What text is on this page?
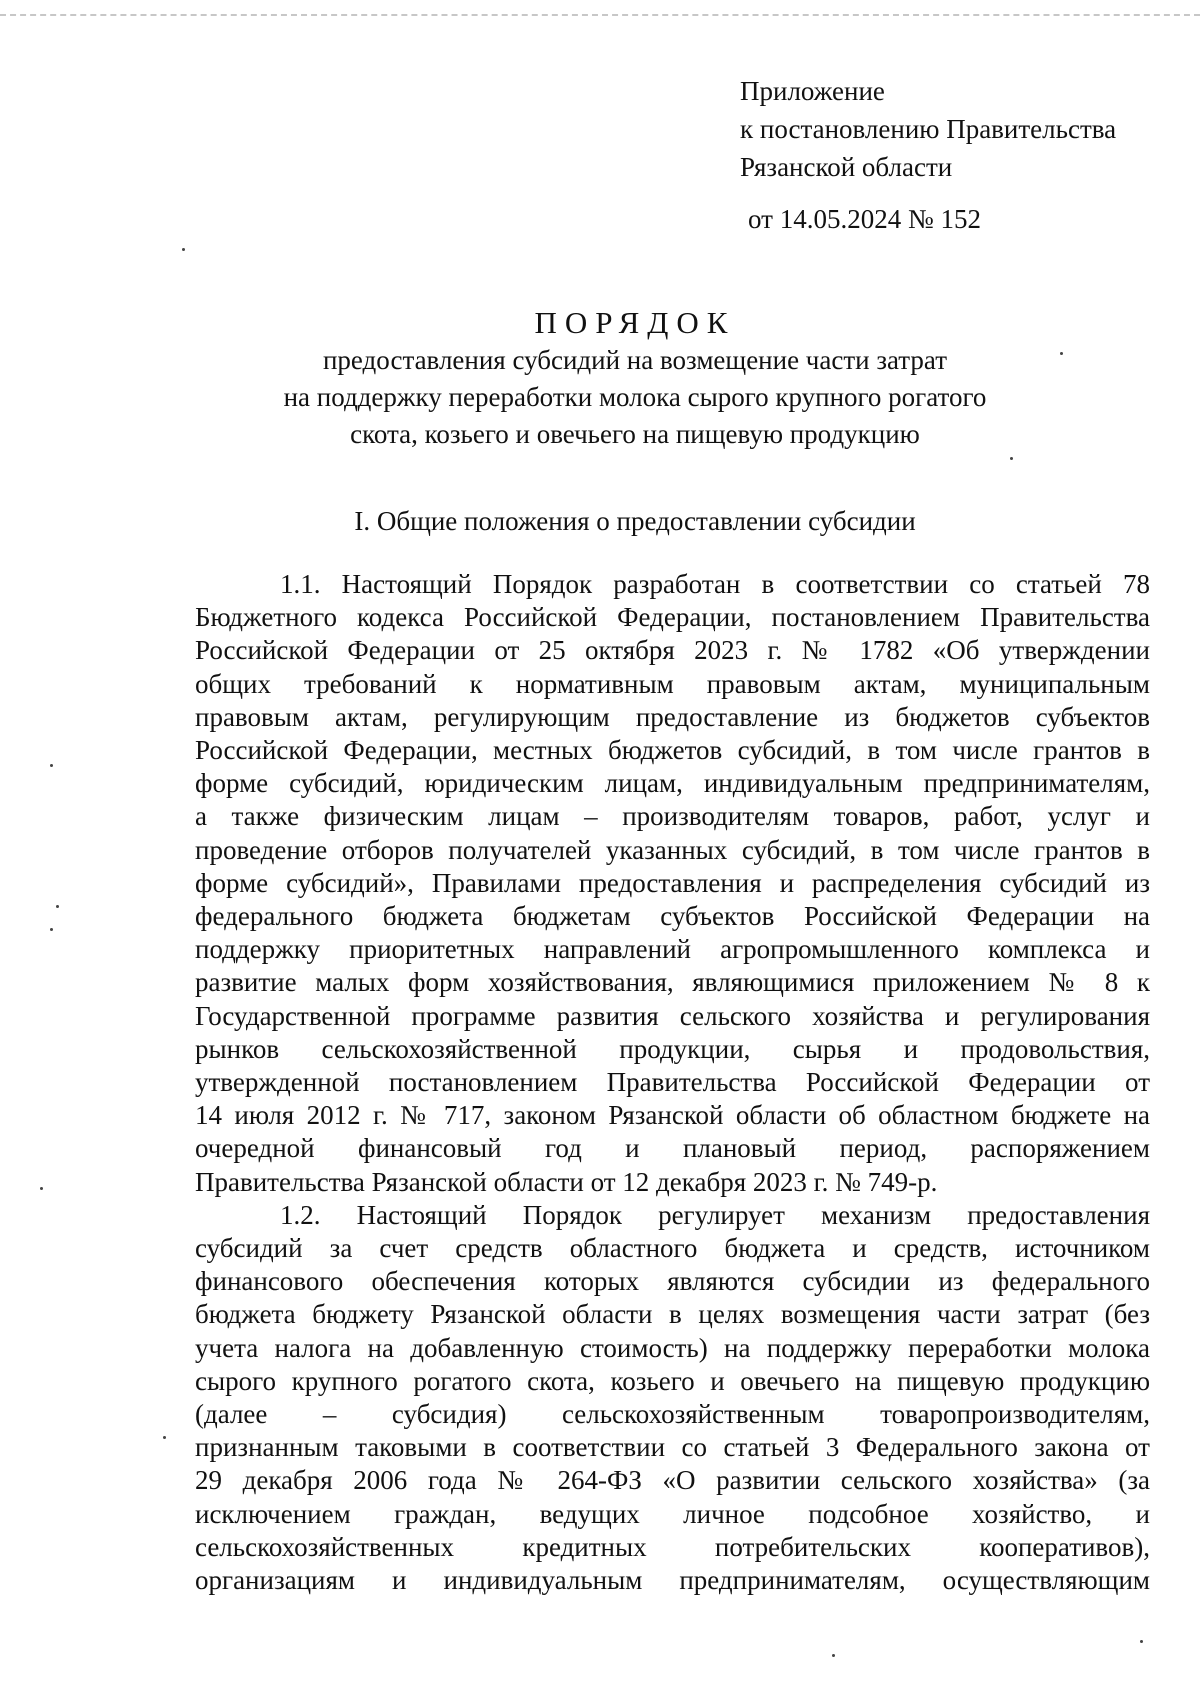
Приложение
к постановлению Правительства
Рязанской области
от 14.05.2024 № 152
ПОРЯДОК
предоставления субсидий на возмещение части затрат
на поддержку переработки молока сырого крупного рогатого
скота, козьего и овечьего на пищевую продукцию
I. Общие положения о предоставлении субсидии
1.1. Настоящий Порядок разработан в соответствии со статьей 78
Бюджетного кодекса Российской Федерации, постановлением Правительства
Российской Федерации от 25 октября 2023 г. № 1782 «Об утверждении
общих требований к нормативным правовым актам, муниципальным
правовым актам, регулирующим предоставление из бюджетов субъектов
Российской Федерации, местных бюджетов субсидий, в том числе грантов в
форме субсидий, юридическим лицам, индивидуальным предпринимателям,
а также физическим лицам – производителям товаров, работ, услуг и
проведение отборов получателей указанных субсидий, в том числе грантов в
форме субсидий», Правилами предоставления и распределения субсидий из
федерального бюджета бюджетам субъектов Российской Федерации на
поддержку приоритетных направлений агропромышленного комплекса и
развитие малых форм хозяйствования, являющимися приложением № 8 к
Государственной программе развития сельского хозяйства и регулирования
рынков сельскохозяйственной продукции, сырья и продовольствия,
утвержденной постановлением Правительства Российской Федерации от
14 июля 2012 г. № 717, законом Рязанской области об областном бюджете на
очередной финансовый год и плановый период, распоряжением
Правительства Рязанской области от 12 декабря 2023 г. № 749-р.
1.2. Настоящий Порядок регулирует механизм предоставления
субсидий за счет средств областного бюджета и средств, источником
финансового обеспечения которых являются субсидии из федерального
бюджета бюджету Рязанской области в целях возмещения части затрат (без
учета налога на добавленную стоимость) на поддержку переработки молока
сырого крупного рогатого скота, козьего и овечьего на пищевую продукцию
(далее – субсидия) сельскохозяйственным товаропроизводителям,
признанным таковыми в соответствии со статьей 3 Федерального закона от
29 декабря 2006 года № 264-ФЗ «О развитии сельского хозяйства» (за
исключением граждан, ведущих личное подсобное хозяйство, и
сельскохозяйственных кредитных потребительских кооперативов),
организациям и индивидуальным предпринимателям, осуществляющим
